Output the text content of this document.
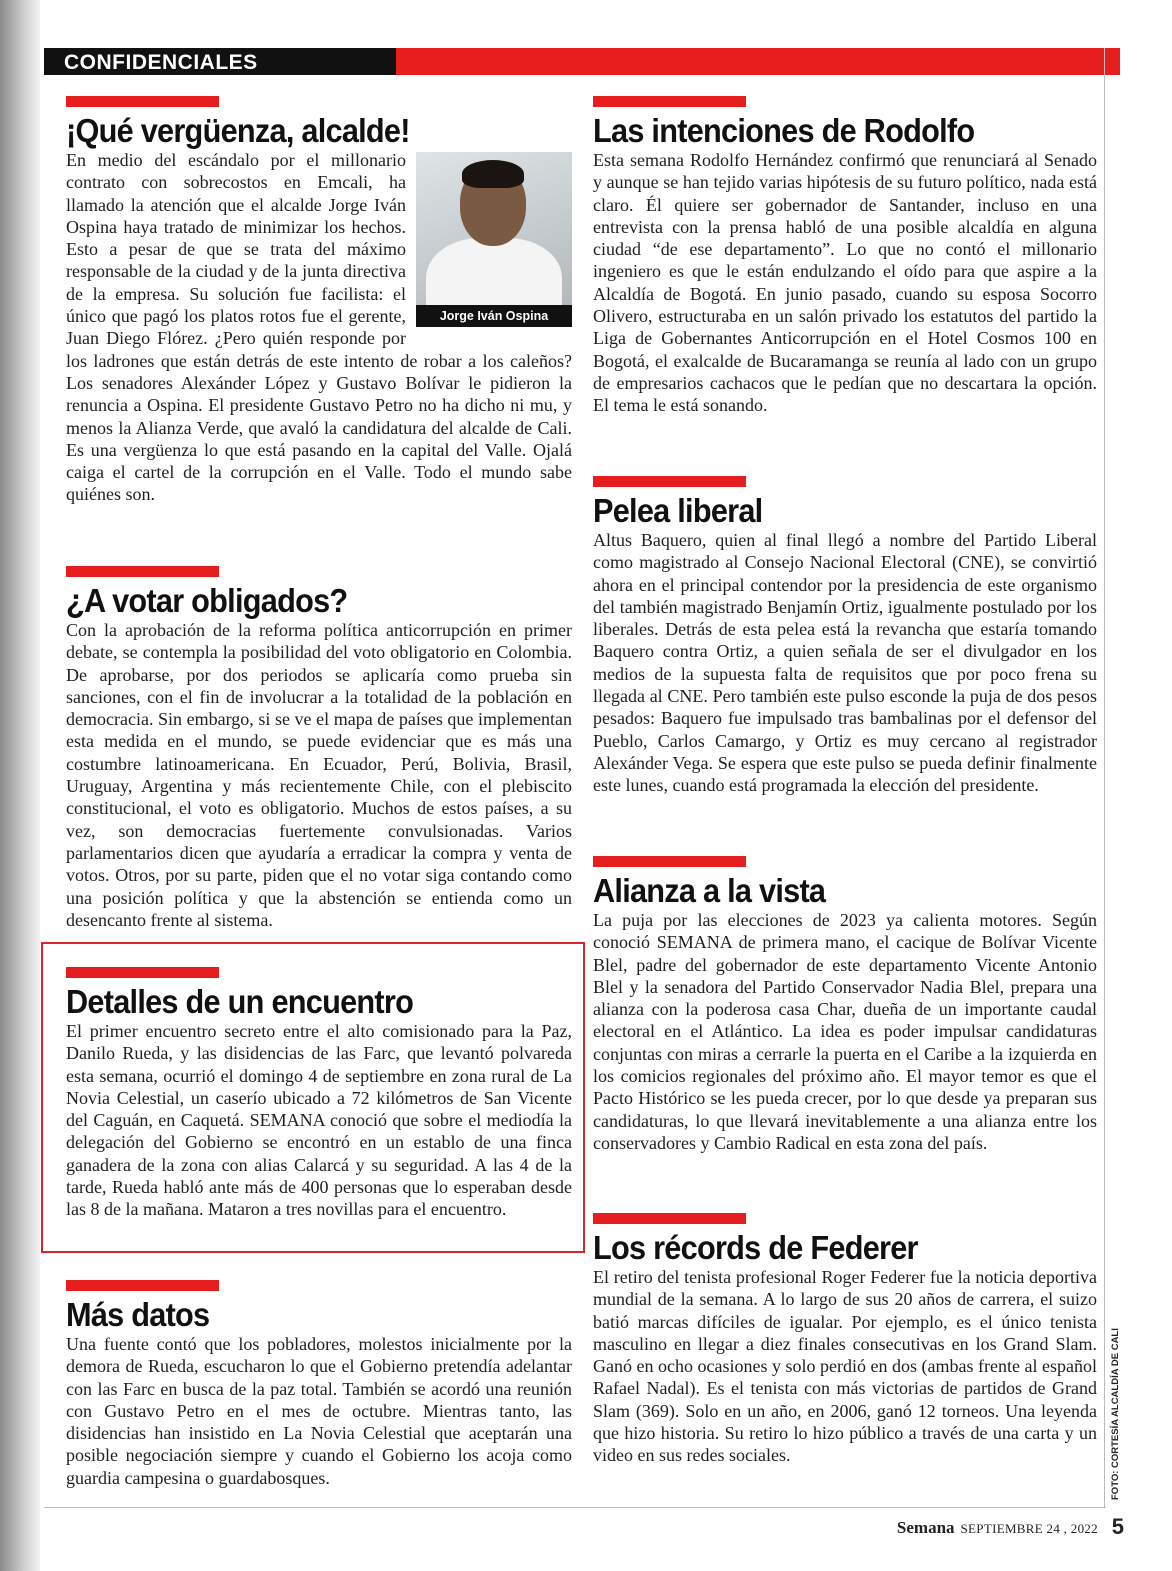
CONFIDENCIALES
¡Qué vergüenza, alcalde!
Jorge Iván Ospina

En medio del escándalo por el millonario contrato con sobrecostos en Emcali, ha llamado la atención que el alcalde Jorge Iván Ospina haya tratado de minimizar los hechos. Esto a pesar de que se trata del máximo responsable de la ciudad y de la junta directiva de la empresa. Su solución fue facilista: el único que pagó los platos rotos fue el gerente, Juan Diego Flórez. ¿Pero quién responde por los ladrones que están detrás de este intento de robar a los caleños? Los senadores Alexánder López y Gustavo Bolívar le pidieron la renuncia a Ospina. El presidente Gustavo Petro no ha dicho ni mu, y menos la Alianza Verde, que avaló la candidatura del alcalde de Cali. Es una vergüenza lo que está pasando en la capital del Valle. Ojalá caiga el cartel de la corrupción en el Valle. Todo el mundo sabe quiénes son.

¿A votar obligados?

Con la aprobación de la reforma política anticorrupción en primer debate, se contempla la posibilidad del voto obligatorio en Colombia. De aprobarse, por dos periodos se aplicaría como prueba sin sanciones, con el fin de involucrar a la totalidad de la población en democracia. Sin embargo, si se ve el mapa de países que implementan esta medida en el mundo, se puede evidenciar que es más una costumbre latinoamericana. En Ecuador, Perú, Bolivia, Brasil, Uruguay, Argentina y más recientemente Chile, con el plebiscito constitucional, el voto es obligatorio. Muchos de estos países, a su vez, son democracias fuertemente convulsionadas. Varios parlamentarios dicen que ayudaría a erradicar la compra y venta de votos. Otros, por su parte, piden que el no votar siga contando como una posición política y que la abstención se entienda como un desencanto frente al sistema.

Detalles de un encuentro

El primer encuentro secreto entre el alto comisionado para la Paz, Danilo Rueda, y las disidencias de las Farc, que levantó polvareda esta semana, ocurrió el domingo 4 de septiembre en zona rural de La Novia Celestial, un caserío ubicado a 72 kilómetros de San Vicente del Caguán, en Caquetá. SEMANA conoció que sobre el mediodía la delegación del Gobierno se encontró en un establo de una finca ganadera de la zona con alias Calarcá y su seguridad. A las 4 de la tarde, Rueda habló ante más de 400 personas que lo esperaban desde las 8 de la mañana. Mataron a tres novillas para el encuentro.

Más datos

Una fuente contó que los pobladores, molestos inicialmente por la demora de Rueda, escucharon lo que el Gobierno pretendía adelantar con las Farc en busca de la paz total. También se acordó una reunión con Gustavo Petro en el mes de octubre. Mientras tanto, las disidencias han insistido en La Novia Celestial que aceptarán una posible negociación siempre y cuando el Gobierno los acoja como guardia campesina o guardabosques.

Las intenciones de Rodolfo

Esta semana Rodolfo Hernández confirmó que renunciará al Senado y aunque se han tejido varias hipótesis de su futuro político, nada está claro. Él quiere ser gobernador de Santander, incluso en una entrevista con la prensa habló de una posible alcaldía en alguna ciudad “de ese departamento”. Lo que no contó el millonario ingeniero es que le están endulzando el oído para que aspire a la Alcaldía de Bogotá. En junio pasado, cuando su esposa Socorro Olivero, estructuraba en un salón privado los estatutos del partido la Liga de Gobernantes Anticorrupción en el Hotel Cosmos 100 en Bogotá, el exalcalde de Bucaramanga se reunía al lado con un grupo de empresarios cachacos que le pedían que no descartara la opción. El tema le está sonando.

Pelea liberal

Altus Baquero, quien al final llegó a nombre del Partido Liberal como magistrado al Consejo Nacional Electoral (CNE), se convirtió ahora en el principal contendor por la presidencia de este organismo del también magistrado Benjamín Ortiz, igualmente postulado por los liberales. Detrás de esta pelea está la revancha que estaría tomando Baquero contra Ortiz, a quien señala de ser el divulgador en los medios de la supuesta falta de requisitos que por poco frena su llegada al CNE. Pero también este pulso esconde la puja de dos pesos pesados: Baquero fue impulsado tras bambalinas por el defensor del Pueblo, Carlos Camargo, y Ortiz es muy cercano al registrador Alexánder Vega. Se espera que este pulso se pueda definir finalmente este lunes, cuando está programada la elección del presidente.

Alianza a la vista

La puja por las elecciones de 2023 ya calienta motores. Según conoció SEMANA de primera mano, el cacique de Bolívar Vicente Blel, padre del gobernador de este departamento Vicente Antonio Blel y la senadora del Partido Conservador Nadia Blel, prepara una alianza con la poderosa casa Char, dueña de un importante caudal electoral en el Atlántico. La idea es poder impulsar candidaturas conjuntas con miras a cerrarle la puerta en el Caribe a la izquierda en los comicios regionales del próximo año. El mayor temor es que el Pacto Histórico se les pueda crecer, por lo que desde ya preparan sus candidaturas, lo que llevará inevitablemente a una alianza entre los conservadores y Cambio Radical en esta zona del país.

Los récords de Federer

El retiro del tenista profesional Roger Federer fue la noticia deportiva mundial de la semana. A lo largo de sus 20 años de carrera, el suizo batió marcas difíciles de igualar. Por ejemplo, es el único tenista masculino en llegar a diez finales consecutivas en los Grand Slam. Ganó en ocho ocasiones y solo perdió en dos (ambas frente al español Rafael Nadal). Es el tenista con más victorias de partidos de Grand Slam (369). Solo en un año, en 2006, ganó 12 torneos. Una leyenda que hizo historia. Su retiro lo hizo público a través de una carta y un video en sus redes sociales.	FOTO: CORTESÍA ALCALDÍA DE CALI
Semana SEPTIEMBRE 24 , 2022 5
